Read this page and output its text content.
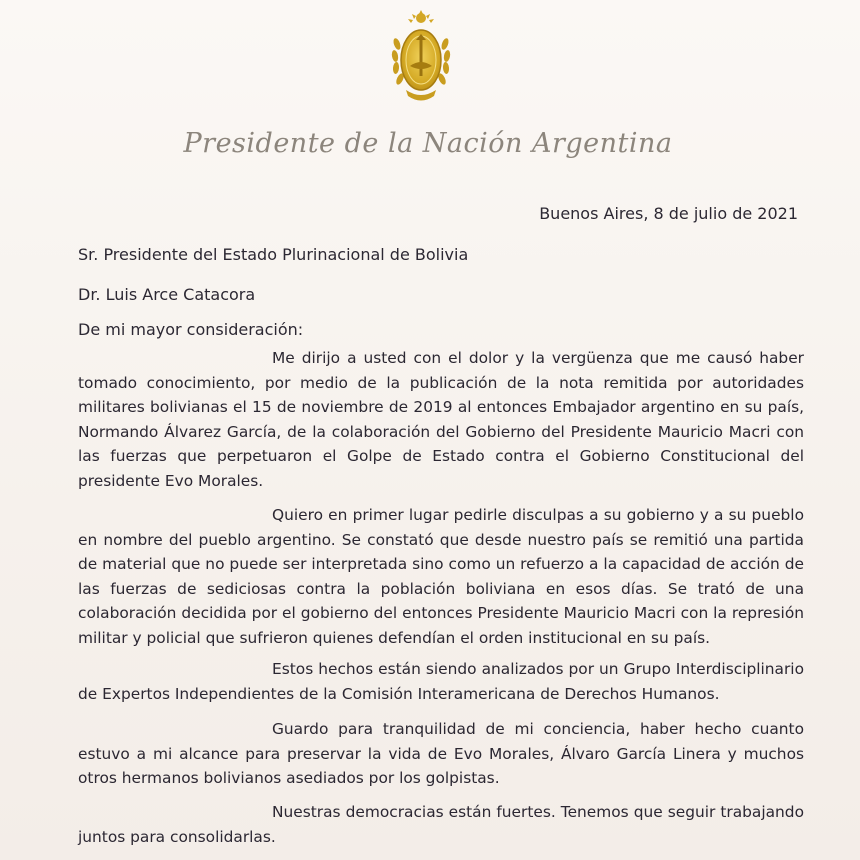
Presidente de la Nación Argentina
Buenos Aires, 8 de julio de 2021
Sr. Presidente del Estado Plurinacional de Bolivia
Dr. Luis Arce Catacora
De mi mayor consideración:

Me dirijo a usted con el dolor y la vergüenza que me causó haber tomado conocimiento, por medio de la publicación de la nota remitida por autoridades militares bolivianas el 15 de noviembre de 2019 al entonces Embajador argentino en su país, Normando Álvarez García, de la colaboración del Gobierno del Presidente Mauricio Macri con las fuerzas que perpetuaron el Golpe de Estado contra el Gobierno Constitucional del presidente Evo Morales.

Quiero en primer lugar pedirle disculpas a su gobierno y a su pueblo en nombre del pueblo argentino. Se constató que desde nuestro país se remitió una partida de material que no puede ser interpretada sino como un refuerzo a la capacidad de acción de las fuerzas de sediciosas contra la población boliviana en esos días. Se trató de una colaboración decidida por el gobierno del entonces Presidente Mauricio Macri con la represión militar y policial que sufrieron quienes defendían el orden institucional en su país.

Estos hechos están siendo analizados por un Grupo Interdisciplinario de Expertos Independientes de la Comisión Interamericana de Derechos Humanos.

Guardo para tranquilidad de mi conciencia, haber hecho cuanto estuvo a mi alcance para preservar la vida de Evo Morales, Álvaro García Linera y muchos otros hermanos bolivianos asediados por los golpistas.

Nuestras democracias están fuertes. Tenemos que seguir trabajando juntos para consolidarlas.
